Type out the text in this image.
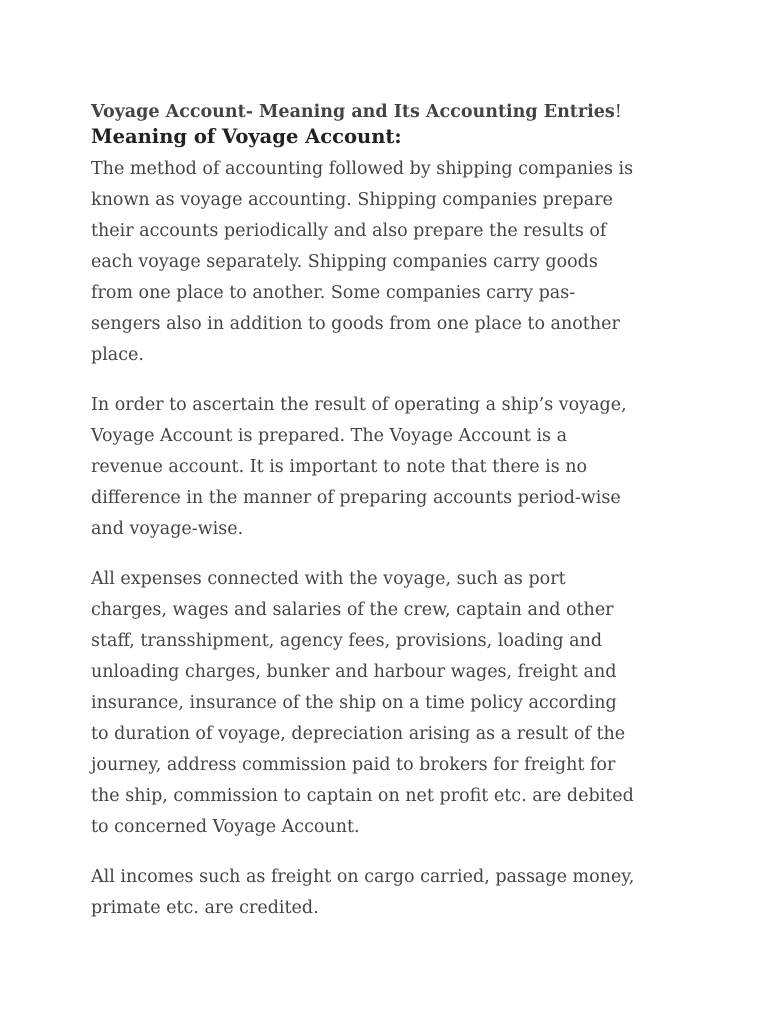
Voyage Account- Meaning and Its Accounting Entries!
Meaning of Voyage Account:

The method of accounting followed by shipping companies is
known as voyage accounting. Shipping companies prepare
their accounts periodically and also prepare the results of
each voyage separately. Shipping companies carry goods
from one place to another. Some companies carry pas-
sengers also in addition to goods from one place to another
place.

In order to ascertain the result of operating a ship’s voyage,
Voyage Account is prepared. The Voyage Account is a
revenue account. It is important to note that there is no
difference in the manner of preparing accounts period-wise
and voyage-wise.

All expenses connected with the voyage, such as port
charges, wages and salaries of the crew, captain and other
staff, transshipment, agency fees, provisions, loading and
unloading charges, bunker and harbour wages, freight and
insurance, insurance of the ship on a time policy according
to duration of voyage, depreciation arising as a result of the
journey, address commission paid to brokers for freight for
the ship, commission to captain on net profit etc. are debited
to concerned Voyage Account.

All incomes such as freight on cargo carried, passage money,
primate etc. are credited.
